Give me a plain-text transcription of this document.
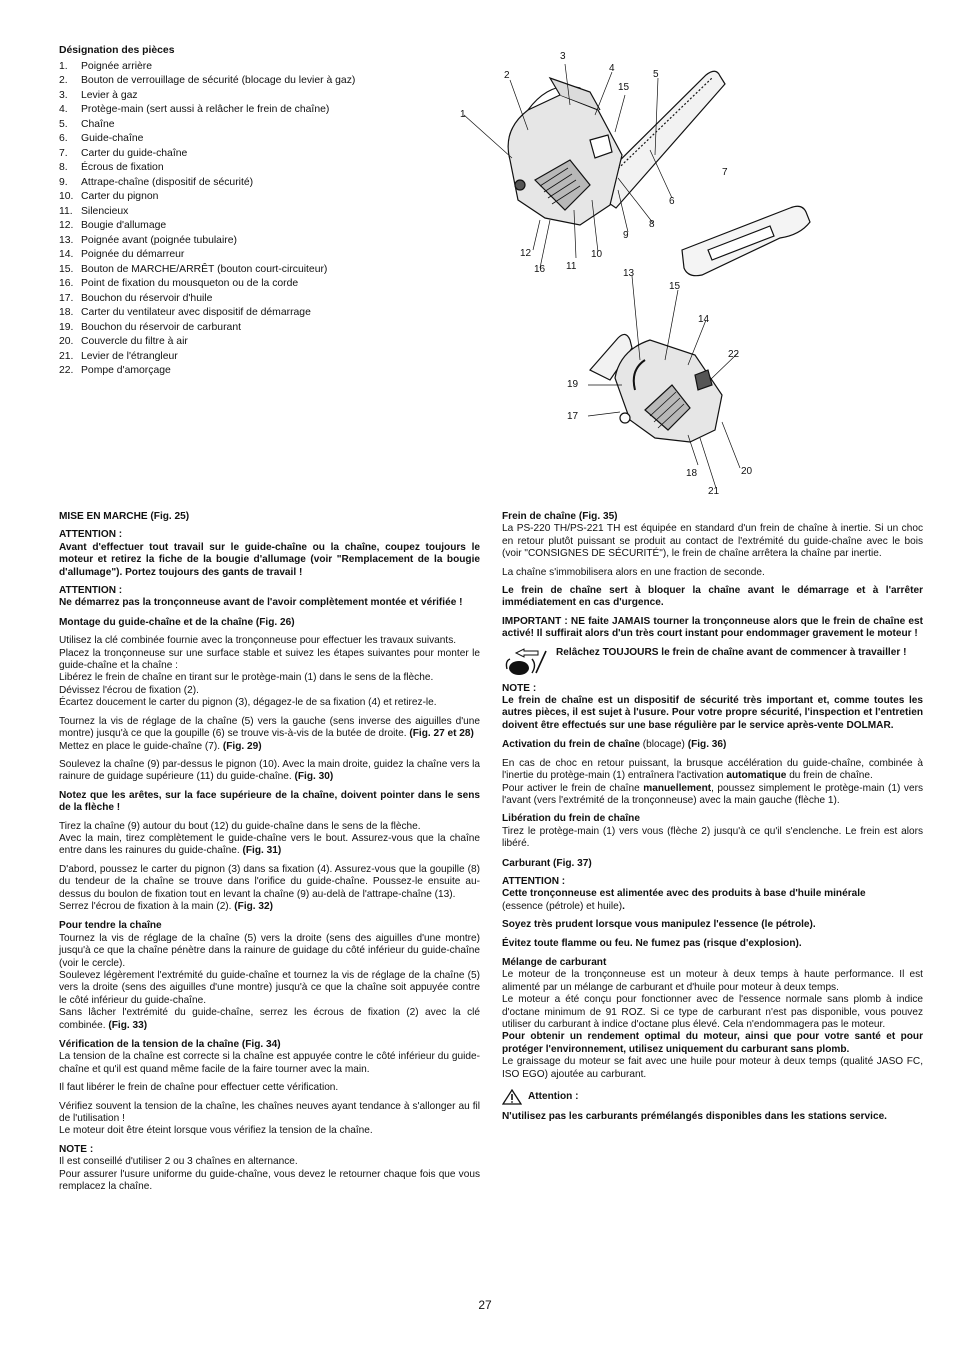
Désignation des pièces
1.	Poignée arrière
2.	Bouton de verrouillage de sécurité (blocage du levier à gaz)
3.	Levier à gaz
4.	Protège-main (sert aussi à relâcher le frein de chaîne)
5.	Chaîne
6.	Guide-chaîne
7.	Carter du guide-chaîne
8.	Écrous de fixation
9.	Attrape-chaîne (dispositif de sécurité)
10. Carter du pignon
11. Silencieux
12. Bougie d'allumage
13. Poignée avant (poignée tubulaire)
14. Poignée du démarreur
15. Bouton de MARCHE/ARRÊT (bouton court-circuiteur)
16. Point de fixation du mousqueton ou de la corde
17. Bouchon du réservoir d'huile
18. Carter du ventilateur avec dispositif de démarrage
19. Bouchon du réservoir de carburant
20. Couvercle du filtre à air
21. Levier de l'étrangleur
22. Pompe d'amorçage
1
2
3
4
15
5
6
7
8
9
10
11
12
16	13
15
14
22
19
17
18	20
21

MISE EN MARCHE (Fig. 25)

ATTENTION :

Avant d'effectuer tout travail sur le guide-chaîne ou la chaîne, coupez toujours le moteur et retirez la fiche de la bougie d'allumage (voir "Remplacement de la bougie d'allumage"). Portez toujours des gants de travail !

ATTENTION :

Ne démarrez pas la tronçonneuse avant de l'avoir complètement montée et vérifiée !

Montage du guide-chaîne et de la chaîne (Fig. 26)

Utilisez la clé combinée fournie avec la tronçonneuse pour effectuer les travaux suivants.

Placez la tronçonneuse sur une surface stable et suivez les étapes suivantes pour monter le guide-chaîne et la chaîne :

Libérez le frein de chaîne en tirant sur le protège-main (1) dans le sens de la flèche.

Dévissez l'écrou de fixation (2).

Écartez doucement le carter du pignon (3), dégagez-le de sa fixation (4) et retirez-le.

Tournez la vis de réglage de la chaîne (5) vers la gauche (sens inverse des aiguilles d'une montre) jusqu'à ce que la goupille (6) se trouve vis-à-vis de la butée de droite. (Fig. 27 et 28)

Mettez en place le guide-chaîne (7). (Fig. 29)

Soulevez la chaîne (9) par-dessus le pignon (10). Avec la main droite, guidez la chaîne vers la rainure de guidage supérieure (11) du guide-chaîne. (Fig. 30)

Notez que les arêtes, sur la face supérieure de la chaîne, doivent pointer dans le sens de la flèche !

Tirez la chaîne (9) autour du bout (12) du guide-chaîne dans le sens de la flèche.

Avec la main, tirez complètement le guide-chaîne vers le bout. Assurez-vous que la chaîne entre dans les rainures du guide-chaîne. (Fig. 31)

D'abord, poussez le carter du pignon (3) dans sa fixation (4). Assurez-vous que la goupille (8) du tendeur de la chaîne se trouve dans l'orifice du guide-chaîne. Poussez-le ensuite au-dessus du boulon de fixation tout en levant la chaîne (9) au-delà de l'attrape-chaîne (13).

Serrez l'écrou de fixation à la main (2). (Fig. 32)

Pour tendre la chaîne

Tournez la vis de réglage de la chaîne (5) vers la droite (sens des aiguilles d'une montre) jusqu'à ce que la chaîne pénètre dans la rainure de guidage du côté inférieur du guide-chaîne (voir le cercle).

Soulevez légèrement l'extrémité du guide-chaîne et tournez la vis de réglage de la chaîne (5) vers la droite (sens des aiguilles d'une montre) jusqu'à ce que la chaîne soit appuyée contre le côté inférieur du guide-chaîne.

Sans lâcher l'extrémité du guide-chaîne, serrez les écrous de fixation (2) avec la clé combinée. (Fig. 33)

Vérification de la tension de la chaîne (Fig. 34)

La tension de la chaîne est correcte si la chaîne est appuyée contre le côté inférieur du guide-chaîne et qu'il est quand même facile de la faire tourner avec la main.

Il faut libérer le frein de chaîne pour effectuer cette vérification.

Vérifiez souvent la tension de la chaîne, les chaînes neuves ayant tendance à s'allonger au fil de l'utilisation !

Le moteur doit être éteint lorsque vous vérifiez la tension de la chaîne.

NOTE :

Il est conseillé d'utiliser 2 ou 3 chaînes en alternance.

Pour assurer l'usure uniforme du guide-chaîne, vous devez le retourner chaque fois que vous remplacez la chaîne.

Frein de chaîne (Fig. 35)

La PS-220 TH/PS-221 TH est équipée en standard d'un frein de chaîne à inertie. Si un choc en retour plutôt puissant se produit au contact de l'extrémité du guide-chaîne avec le bois (voir "CONSIGNES DE SÉCURITÉ"), le frein de chaîne arrêtera la chaîne par inertie.

La chaîne s'immobilisera alors en une fraction de seconde.

Le frein de chaîne sert à bloquer la chaîne avant le démarrage et à l'arrêter immédiatement en cas d'urgence.

IMPORTANT : NE faite JAMAIS tourner la tronçonneuse alors que le frein de chaîne est activé! Il suffirait alors d'un très court instant pour endommager gravement le moteur !

Relâchez TOUJOURS le frein de chaîne avant de commencer à travailler !

NOTE :

Le frein de chaîne est un dispositif de sécurité très important et, comme toutes les autres pièces, il est sujet à l'usure. Pour votre propre sécurité, l'inspection et l'entretien doivent être effectués sur une base régulière par le service après-vente DOLMAR.

Activation du frein de chaîne (blocage) (Fig. 36)

En cas de choc en retour puissant, la brusque accélération du guide-chaîne, combinée à l'inertie du protège-main (1) entraînera l'activation automatique du frein de chaîne.

Pour activer le frein de chaîne manuellement, poussez simplement le protège-main (1) vers l'avant (vers l'extrémité de la tronçonneuse) avec la main gauche (flèche 1).

Libération du frein de chaîne

Tirez le protège-main (1) vers vous (flèche 2) jusqu'à ce qu'il s'enclenche. Le frein est alors libéré.

Carburant (Fig. 37)

ATTENTION :

Cette tronçonneuse est alimentée avec des produits à base d'huile minérale
(essence (pétrole) et huile).

Soyez très prudent lorsque vous manipulez l'essence (le pétrole).

Évitez toute flamme ou feu. Ne fumez pas (risque d'explosion).

Mélange de carburant

Le moteur de la tronçonneuse est un moteur à deux temps à haute performance. Il est alimenté par un mélange de carburant et d'huile pour moteur à deux temps.

Le moteur a été conçu pour fonctionner avec de l'essence normale sans plomb à indice d'octane minimum de 91 ROZ. Si ce type de carburant n'est pas disponible, vous pouvez utiliser du carburant à indice d'octane plus élevé. Cela n'endommagera pas le moteur.

Pour obtenir un rendement optimal du moteur, ainsi que pour votre santé et pour protéger l'environnement, utilisez uniquement du carburant sans plomb.

Le graissage du moteur se fait avec une huile pour moteur à deux temps (qualité JASO FC, ISO EGO) ajoutée au carburant.

Attention :

N'utilisez pas les carburants prémélangés disponibles dans les stations service.

27
